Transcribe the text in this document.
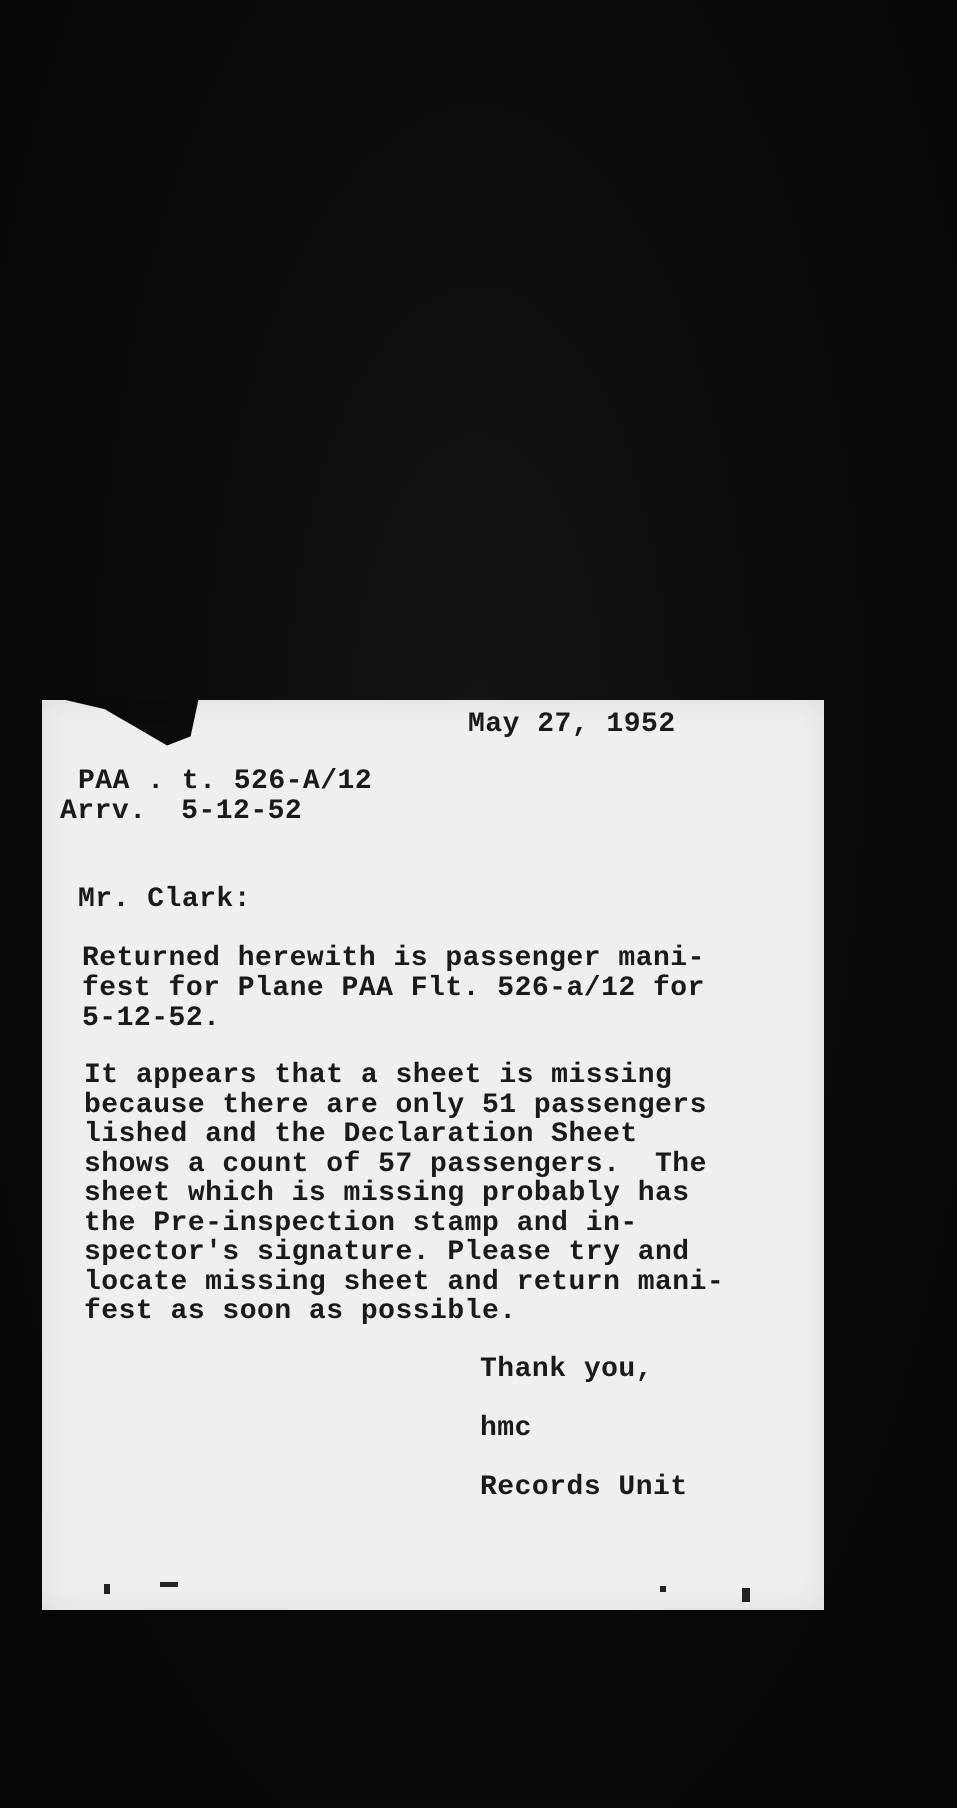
May 27, 1952
PAA . t. 526-A/12
Arrv.  5-12-52
Mr. Clark:
Returned herewith is passenger mani-
fest for Plane PAA Flt. 526-a/12 for
5-12-52.
It appears that a sheet is missing
because there are only 51 passengers
lished and the Declaration Sheet
shows a count of 57 passengers.  The
sheet which is missing probably has
the Pre-inspection stamp and in-
spector's signature. Please try and
locate missing sheet and return mani-
fest as soon as possible.
Thank you,
hmc
Records Unit
